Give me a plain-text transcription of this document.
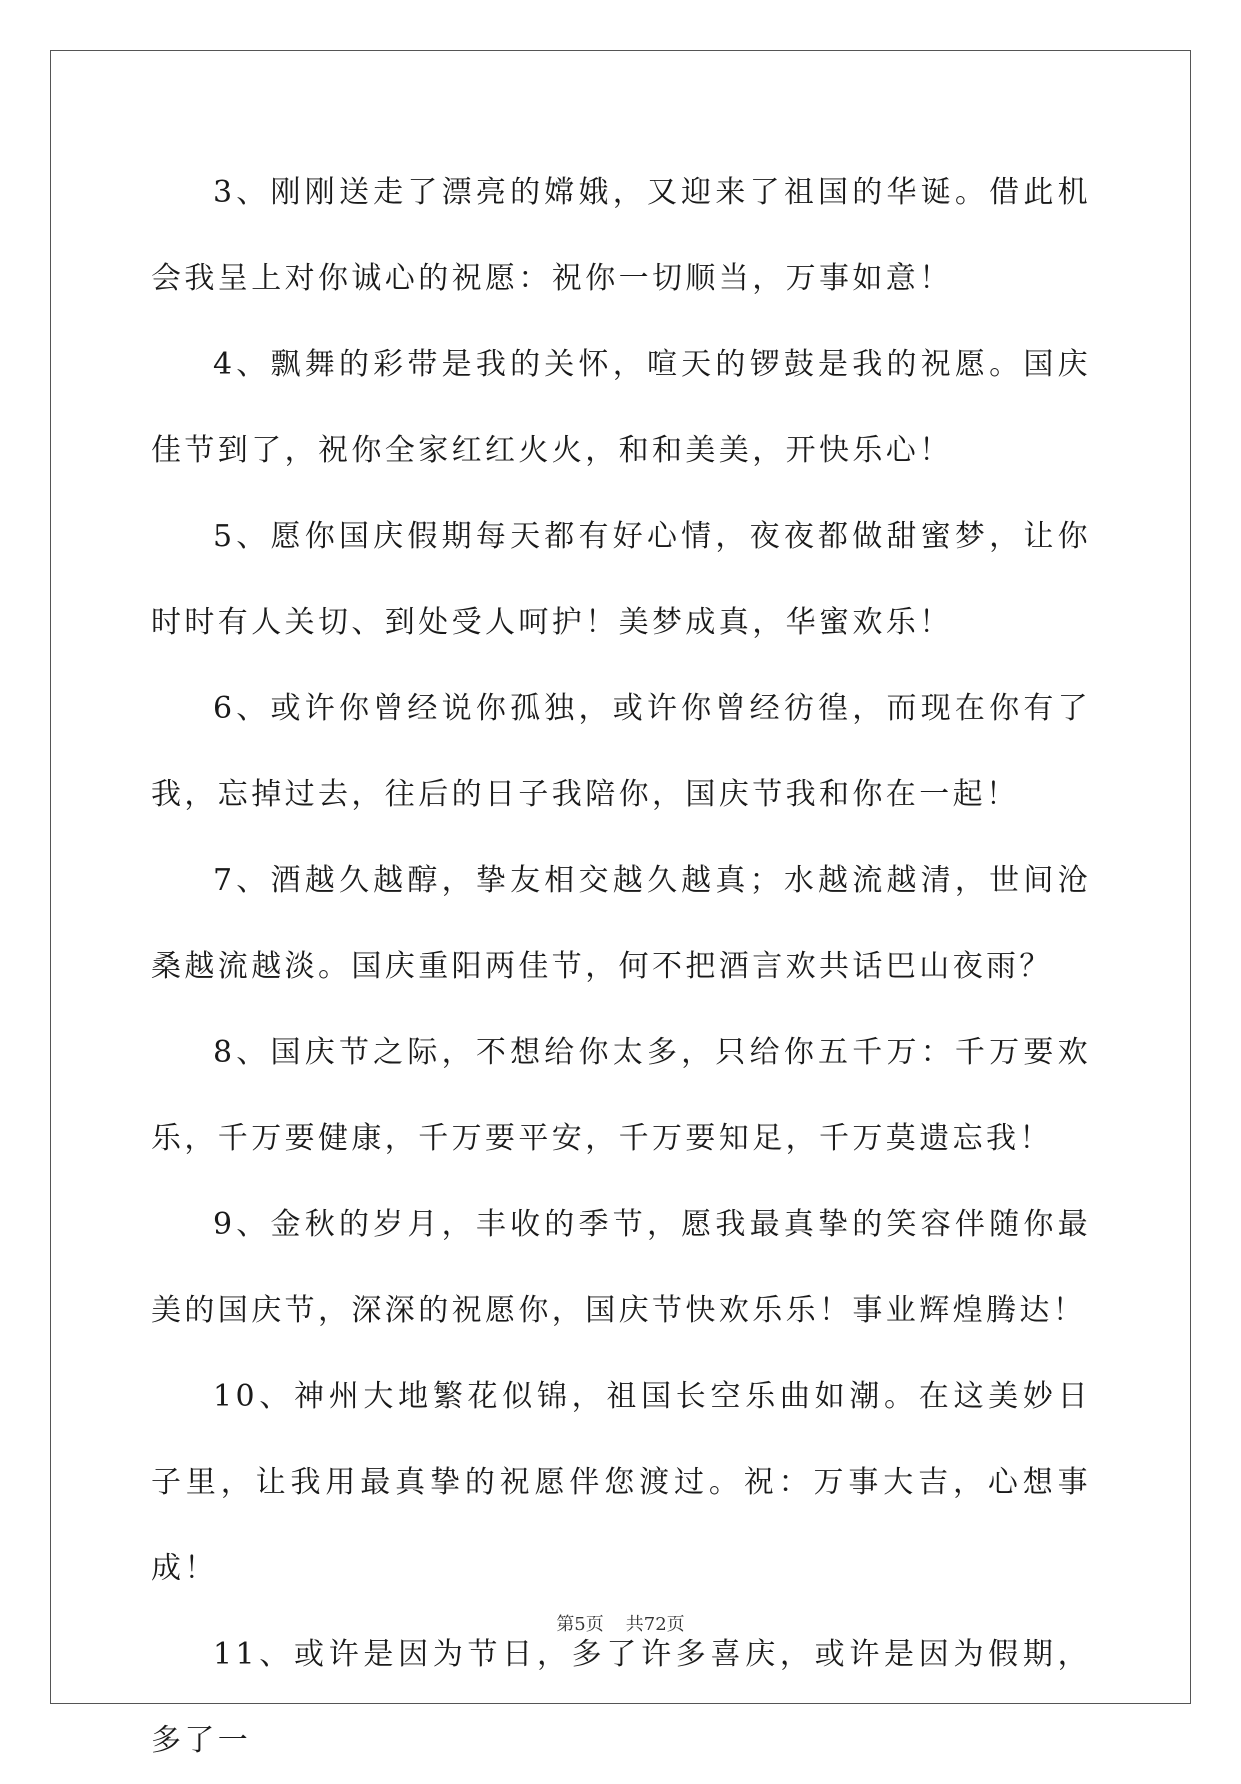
3、刚刚送走了漂亮的嫦娥，又迎来了祖国的华诞。借此机会我呈上对你诚心的祝愿：祝你一切顺当，万事如意！

4、飘舞的彩带是我的关怀，喧天的锣鼓是我的祝愿。国庆佳节到了，祝你全家红红火火，和和美美，开快乐心！

5、愿你国庆假期每天都有好心情，夜夜都做甜蜜梦，让你时时有人关切、到处受人呵护！美梦成真，华蜜欢乐！

6、或许你曾经说你孤独，或许你曾经彷徨，而现在你有了我，忘掉过去，往后的日子我陪你，国庆节我和你在一起！

7、酒越久越醇，挚友相交越久越真；水越流越清，世间沧桑越流越淡。国庆重阳两佳节，何不把酒言欢共话巴山夜雨？

8、国庆节之际，不想给你太多，只给你五千万：千万要欢乐，千万要健康，千万要平安，千万要知足，千万莫遗忘我！

9、金秋的岁月，丰收的季节，愿我最真挚的笑容伴随你最美的国庆节，深深的祝愿你，国庆节快欢乐乐！事业辉煌腾达！

10、神州大地繁花似锦，祖国长空乐曲如潮。在这美妙日子里，让我用最真挚的祝愿伴您渡过。祝：万事大吉，心想事成！

11、或许是因为节日，多了许多喜庆，或许是因为假期，多了一

第5页 共72页
